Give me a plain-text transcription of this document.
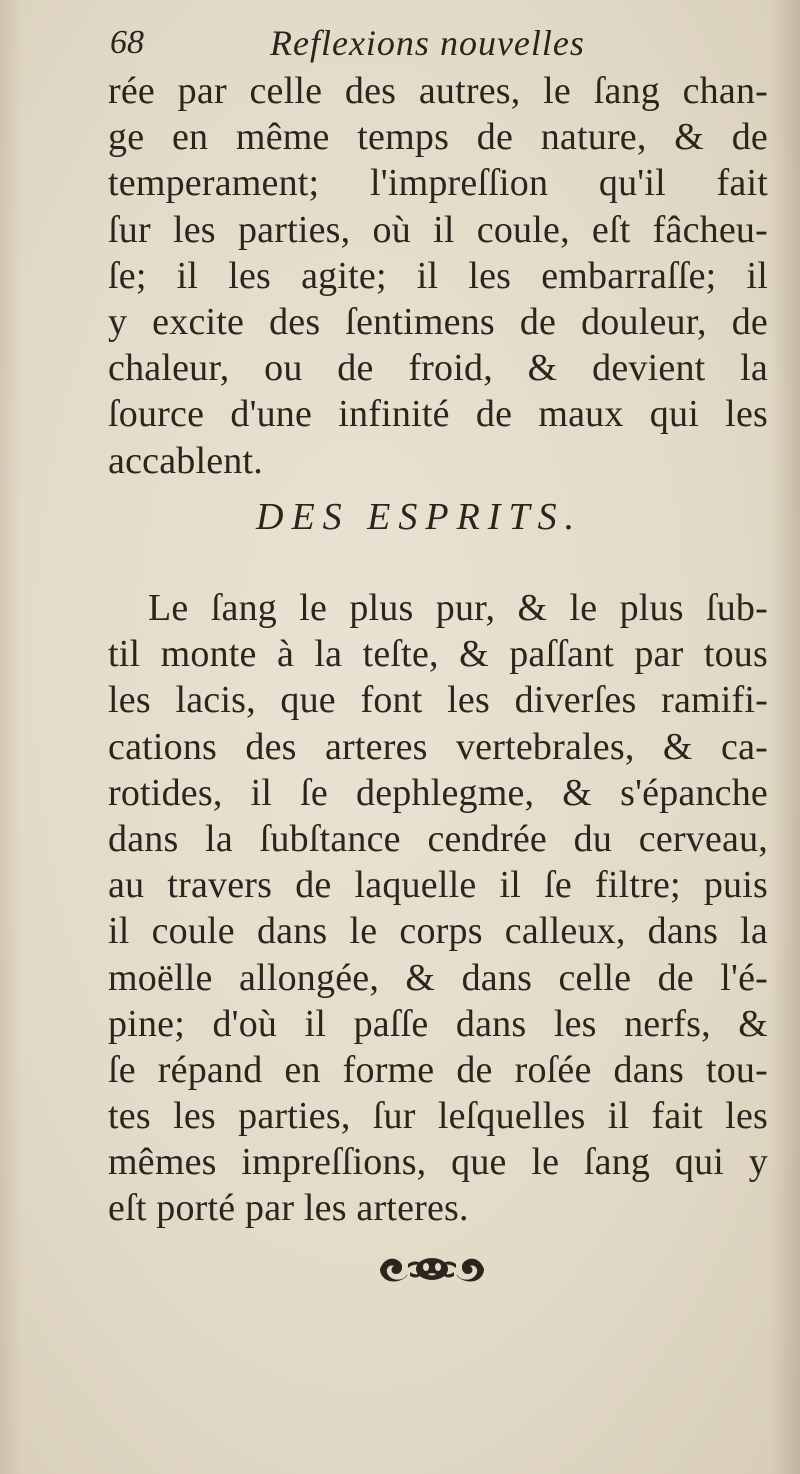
68	Reflexions nouvelles
rée par celle des autres, le ſang chan-
ge en même temps de nature, & de
temperament; l'impreſſion qu'il fait
ſur les parties, où il coule, eſt fâcheu-
ſe; il les agite; il les embarraſſe; il
y excite des ſentimens de douleur, de
chaleur, ou de froid, & devient la
ſource d'une infinité de maux qui les
accablent.
DES ESPRITS.
Le ſang le plus pur, & le plus ſub-
til monte à la teſte, & paſſant par tous
les lacis, que font les diverſes ramifi-
cations des arteres vertebrales, & ca-
rotides, il ſe dephlegme, & s'épanche
dans la ſubſtance cendrée du cerveau,
au travers de laquelle il ſe filtre; puis
il coule dans le corps calleux, dans la
moëlle allongée, & dans celle de l'é-
pine; d'où il paſſe dans les nerfs, &
ſe répand en forme de roſée dans tou-
tes les parties, ſur leſquelles il fait les
mêmes impreſſions, que le ſang qui y
eſt porté par les arteres.
